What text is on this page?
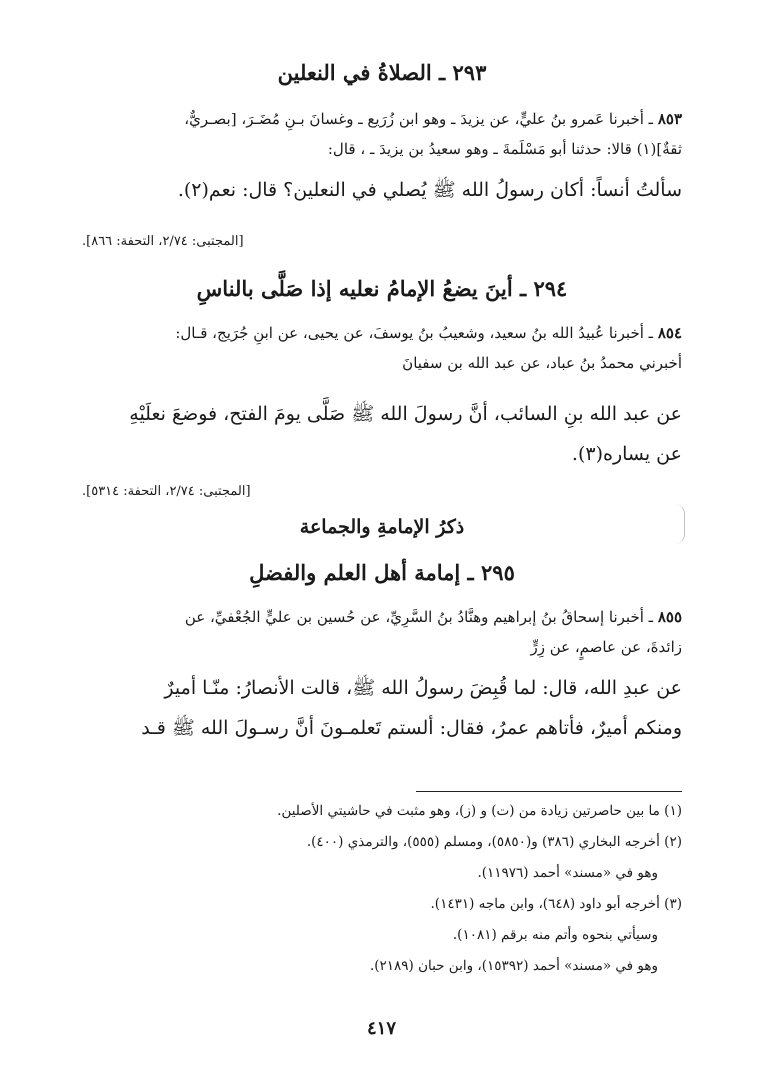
٢٩٣ ـ الصلاةُ في النعلين

٨٥٣ ـ أخبرنا عَمرو بنُ عليٍّ، عن يزيدَ ـ وهو ابن زُرَيع ـ وغسانَ بـنِ مُضَـرَ، [بصـريٌّ،
ثقةٌ](١) قالا: حدثنا أبو مَسْلَمةَ ـ وهو سعيدُ بن يزيدَ ـ ، قال:

سألتُ أنساً: أكان رسولُ الله ﷺ يُصلي في النعلين؟ قال: نعم(٢).

[المجتبى: ٢/٧٤، التحفة: ٨٦٦].

٢٩٤ ـ أينَ يضعُ الإمامُ نعليه إذا صَلَّى بالناسِ

٨٥٤ ـ أخبرنا عُبيدُ الله بنُ سعيد، وشعيبُ بنُ يوسفَ، عن يحيى، عن ابنِ جُرَيج، قـال:
أخبرني محمدُ بنُ عباد، عن عبد الله بن سفيانَ
عن عبد الله بنِ السائب، أنَّ رسولَ الله ﷺ صَلَّى يومَ الفتح، فوضعَ نعلَيْهِ
عن يساره(٣).

[المجتبى: ٢/٧٤، التحفة: ٥٣١٤].

ذكرُ الإمامةِ والجماعة

٢٩٥ ـ إمامة أهل العلم والفضلِ

٨٥٥ ـ أخبرنا إسحاقُ بنُ إبراهيم وهنَّادُ بنُ السَّرِيِّ، عن حُسين بن عليٍّ الجُعْفيِّ، عن
زائدةَ، عن عاصمٍ، عن زِرٍّ
عن عبدِ الله، قال: لما قُبِضَ رسولُ الله ﷺ، قالت الأنصارُ: منّـا أميرٌ
ومنكم أميرٌ، فأتاهم عمرُ، فقال: ألستم تَعلمـونَ أنَّ رسـولَ الله ﷺ قـد

(١) ما بين حاصرتين زيادة من (ت) و (ز)، وهو مثبت في حاشيتي الأصلين.

(٢) أخرجه البخاري (٣٨٦) و(٥٨٥٠)، ومسلم (٥٥٥)، والترمذي (٤٠٠).

وهو في «مسند» أحمد (١١٩٧٦).

(٣) أخرجه أبو داود (٦٤٨)، وابن ماجه (١٤٣١).

وسيأتي بنحوه وأتم منه برقم (١٠٨١).

وهو في «مسند» أحمد (١٥٣٩٢)، وابن حبان (٢١٨٩).

٤١٧
